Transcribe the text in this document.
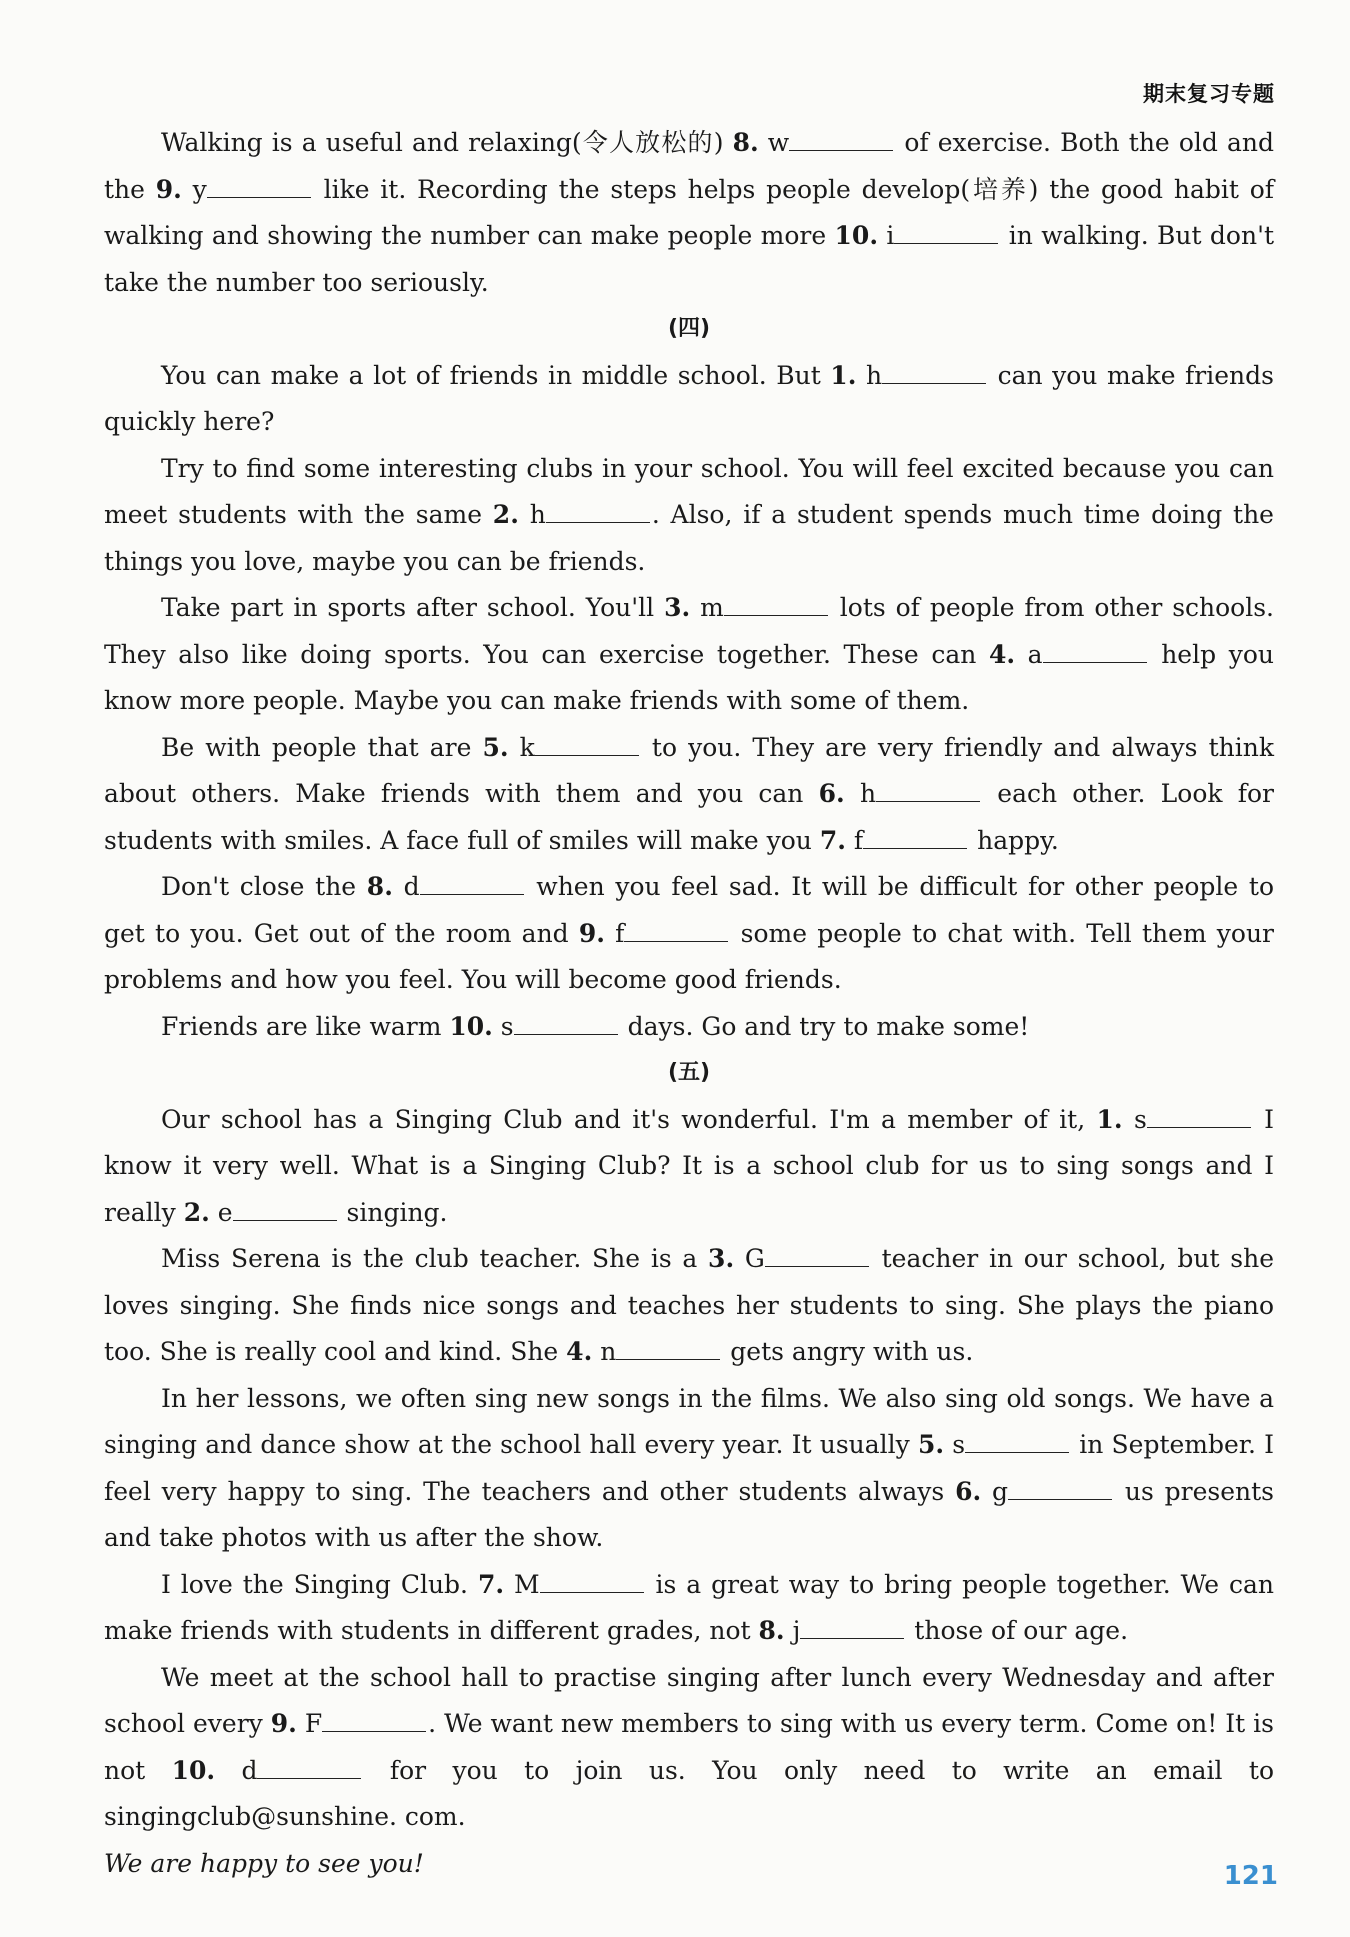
期末复习专题

Walking is a useful and relaxing(令人放松的) 8. w	of exercise. Both the old and the 9. y	like it. Recording the steps helps people develop(培养) the good habit of walking and showing the number can make people more 10. i	in walking. But don't take the number too seriously.

(四)

You can make a lot of friends in middle school. But 1. h	can you make friends quickly here?

Try to find some interesting clubs in your school. You will feel excited because you can meet students with the same 2. h	. Also, if a student spends much time doing the things you love, maybe you can be friends.

Take part in sports after school. You'll 3. m	lots of people from other schools. They also like doing sports. You can exercise together. These can 4. a	help you know more people. Maybe you can make friends with some of them.

Be with people that are 5. k	to you. They are very friendly and always think about others. Make friends with them and you can 6. h	each other. Look for students with smiles. A face full of smiles will make you 7. f	happy.

Don't close the 8. d	when you feel sad. It will be difficult for other people to get to you. Get out of the room and 9. f	some people to chat with. Tell them your problems and how you feel. You will become good friends.

Friends are like warm 10. s	days. Go and try to make some!

(五)

Our school has a Singing Club and it's wonderful. I'm a member of it, 1. s	I know it very well. What is a Singing Club? It is a school club for us to sing songs and I really 2. e	singing.

Miss Serena is the club teacher. She is a 3. G	teacher in our school, but she loves singing. She finds nice songs and teaches her students to sing. She plays the piano too. She is really cool and kind. She 4. n	gets angry with us.

In her lessons, we often sing new songs in the films. We also sing old songs. We have a singing and dance show at the school hall every year. It usually 5. s	in September. I feel very happy to sing. The teachers and other students always 6. g	us presents and take photos with us after the show.

I love the Singing Club. 7. M	is a great way to bring people together. We can make friends with students in different grades, not 8. j	those of our age.

We meet at the school hall to practise singing after lunch every Wednesday and after school every 9. F	. We want new members to sing with us every term. Come on! It is not 10. d	for you to join us. You only need to write an email to singingclub@sunshine. com.

We are happy to see you!	121
